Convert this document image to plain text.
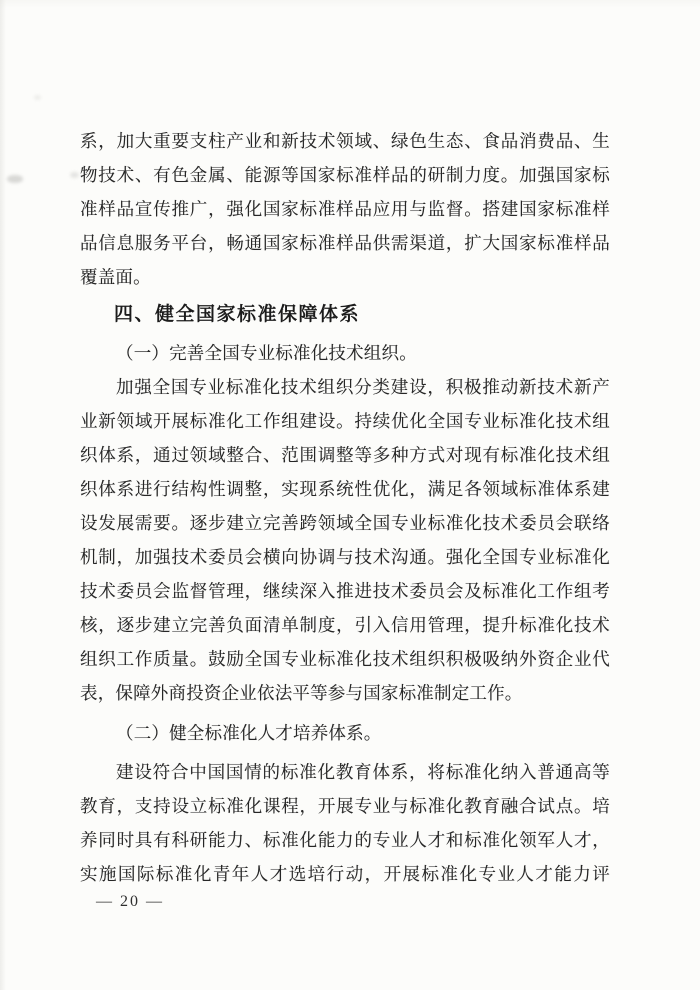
系，加大重要支柱产业和新技术领域、绿色生态、食品消费品、生
物技术、有色金属、能源等国家标准样品的研制力度。加强国家标
准样品宣传推广，强化国家标准样品应用与监督。搭建国家标准样
品信息服务平台，畅通国家标准样品供需渠道，扩大国家标准样品
覆盖面。
四、健全国家标准保障体系
（一）完善全国专业标准化技术组织。
加强全国专业标准化技术组织分类建设，积极推动新技术新产
业新领域开展标准化工作组建设。持续优化全国专业标准化技术组
织体系，通过领域整合、范围调整等多种方式对现有标准化技术组
织体系进行结构性调整，实现系统性优化，满足各领域标准体系建
设发展需要。逐步建立完善跨领域全国专业标准化技术委员会联络
机制，加强技术委员会横向协调与技术沟通。强化全国专业标准化
技术委员会监督管理，继续深入推进技术委员会及标准化工作组考
核，逐步建立完善负面清单制度，引入信用管理，提升标准化技术
组织工作质量。鼓励全国专业标准化技术组织积极吸纳外资企业代
表，保障外商投资企业依法平等参与国家标准制定工作。
（二）健全标准化人才培养体系。
建设符合中国国情的标准化教育体系，将标准化纳入普通高等
教育，支持设立标准化课程，开展专业与标准化教育融合试点。培
养同时具有科研能力、标准化能力的专业人才和标准化领军人才，
实施国际标准化青年人才选培行动，开展标准化专业人才能力评
— 20 —
